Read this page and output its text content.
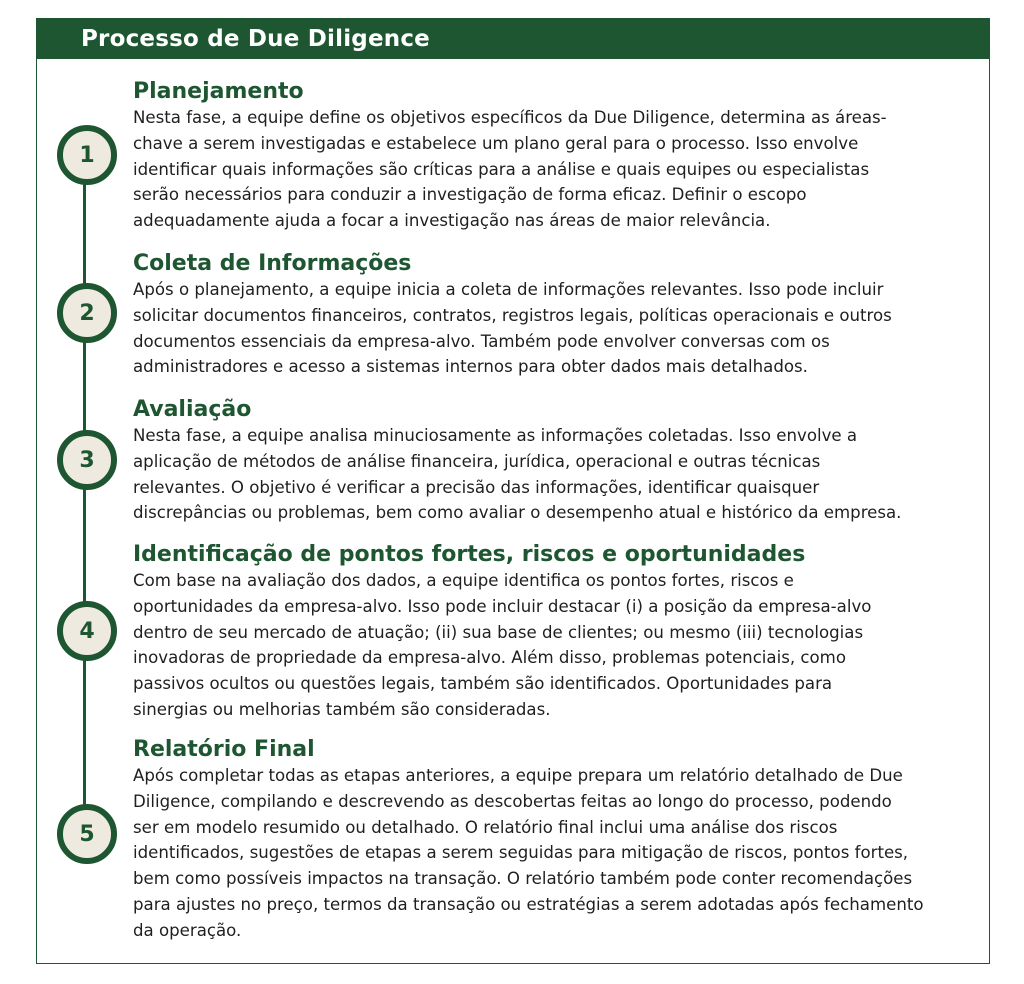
Processo de Due Diligence
1
Planejamento
Nesta fase, a equipe define os objetivos específicos da Due Diligence, determina as áreas-
chave a serem investigadas e estabelece um plano geral para o processo. Isso envolve
identificar quais informações são críticas para a análise e quais equipes ou especialistas
serão necessários para conduzir a investigação de forma eficaz. Definir o escopo
adequadamente ajuda a focar a investigação nas áreas de maior relevância.
2
Coleta de Informações
Após o planejamento, a equipe inicia a coleta de informações relevantes. Isso pode incluir
solicitar documentos financeiros, contratos, registros legais, políticas operacionais e outros
documentos essenciais da empresa-alvo. Também pode envolver conversas com os
administradores e acesso a sistemas internos para obter dados mais detalhados.
3
Avaliação
Nesta fase, a equipe analisa minuciosamente as informações coletadas. Isso envolve a
aplicação de métodos de análise financeira, jurídica, operacional e outras técnicas
relevantes. O objetivo é verificar a precisão das informações, identificar quaisquer
discrepâncias ou problemas, bem como avaliar o desempenho atual e histórico da empresa.
4
Identificação de pontos fortes, riscos e oportunidades
Com base na avaliação dos dados, a equipe identifica os pontos fortes, riscos e
oportunidades da empresa-alvo. Isso pode incluir destacar (i) a posição da empresa-alvo
dentro de seu mercado de atuação; (ii) sua base de clientes; ou mesmo (iii) tecnologias
inovadoras de propriedade da empresa-alvo. Além disso, problemas potenciais, como
passivos ocultos ou questões legais, também são identificados. Oportunidades para
sinergias ou melhorias também são consideradas.
5
Relatório Final
Após completar todas as etapas anteriores, a equipe prepara um relatório detalhado de Due
Diligence, compilando e descrevendo as descobertas feitas ao longo do processo, podendo
ser em modelo resumido ou detalhado. O relatório final inclui uma análise dos riscos
identificados, sugestões de etapas a serem seguidas para mitigação de riscos, pontos fortes,
bem como possíveis impactos na transação. O relatório também pode conter recomendações
para ajustes no preço, termos da transação ou estratégias a serem adotadas após fechamento
da operação.
